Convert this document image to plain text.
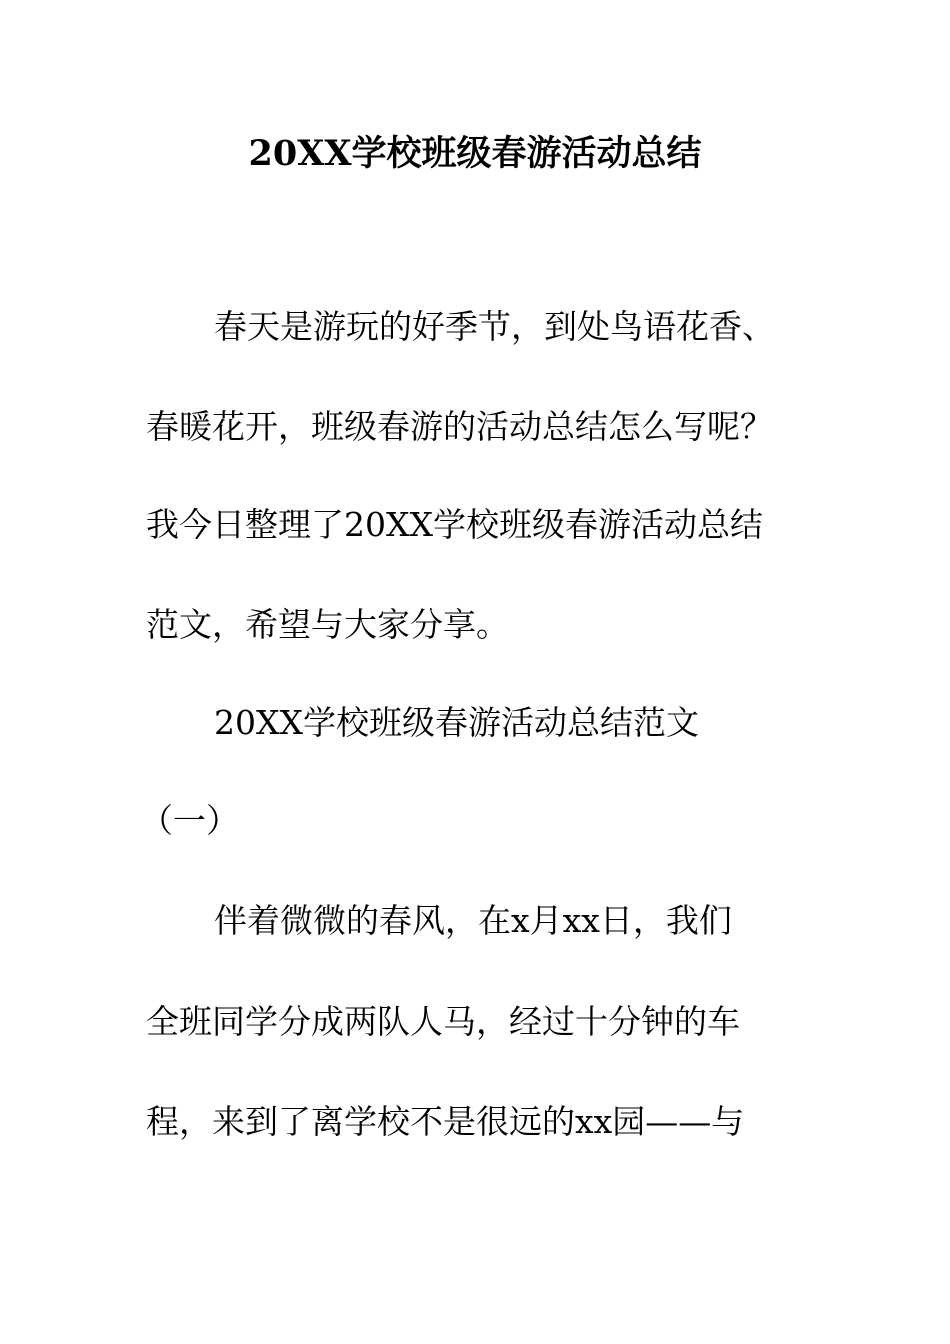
20XX学校班级春游活动总结
春天是游玩的好季节，到处鸟语花香、
春暖花开，班级春游的活动总结怎么写呢？
我今日整理了20XX学校班级春游活动总结
范文，希望与大家分享。
20XX学校班级春游活动总结范文
（一）
伴着微微的春风，在x月xx日，我们
全班同学分成两队人马，经过十分钟的车
程，来到了离学校不是很远的xx园——与
